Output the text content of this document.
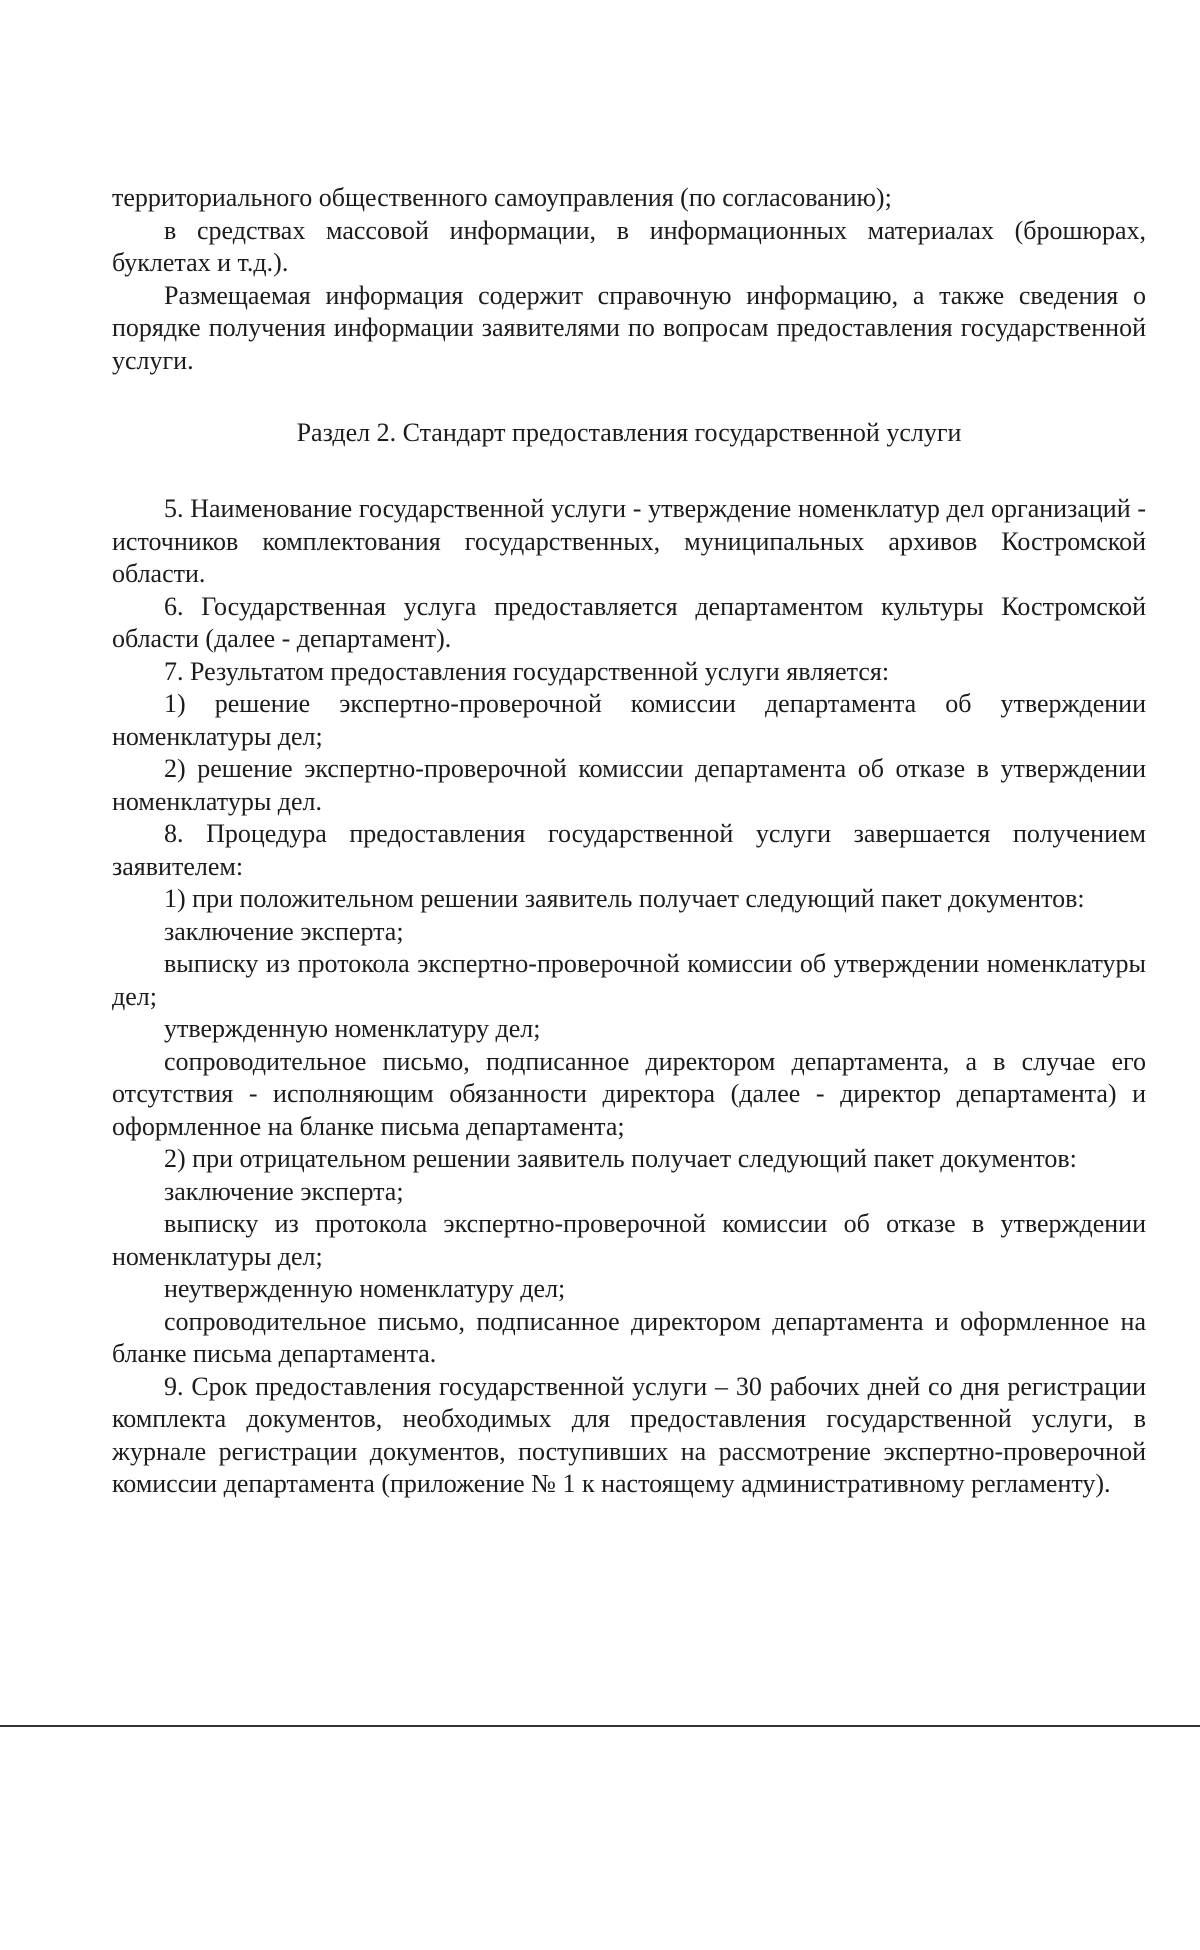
территориального общественного самоуправления (по согласованию);

в средствах массовой информации, в информационных материалах (брошюрах, буклетах и т.д.).

Размещаемая информация содержит справочную информацию, а также сведения о порядке получения информации заявителями по вопросам предоставления государственной услуги.

Раздел 2. Стандарт предоставления государственной услуги

5. Наименование государственной услуги - утверждение номенклатур дел организаций - источников комплектования государственных, муниципальных архивов Костромской области.

6. Государственная услуга предоставляется департаментом культуры Костромской области (далее - департамент).

7. Результатом предоставления государственной услуги является:

1) решение экспертно-проверочной комиссии департамента об утверждении номенклатуры дел;

2) решение экспертно-проверочной комиссии департамента об отказе в утверждении номенклатуры дел.

8. Процедура предоставления государственной услуги завершается получением заявителем:

1) при положительном решении заявитель получает следующий пакет документов:

заключение эксперта;

выписку из протокола экспертно-проверочной комиссии об утверждении номенклатуры дел;

утвержденную номенклатуру дел;

сопроводительное письмо, подписанное директором департамента, а в случае его отсутствия - исполняющим обязанности директора (далее - директор департамента) и оформленное на бланке письма департамента;

2) при отрицательном решении заявитель получает следующий пакет документов:

заключение эксперта;

выписку из протокола экспертно-проверочной комиссии об отказе в утверждении номенклатуры дел;

неутвержденную номенклатуру дел;

сопроводительное письмо, подписанное директором департамента и оформленное на бланке письма департамента.

9. Срок предоставления государственной услуги – 30 рабочих дней со дня регистрации комплекта документов, необходимых для предоставления государственной услуги, в журнале регистрации документов, поступивших на рассмотрение экспертно-проверочной комиссии департамента (приложение № 1 к настоящему административному регламенту).
